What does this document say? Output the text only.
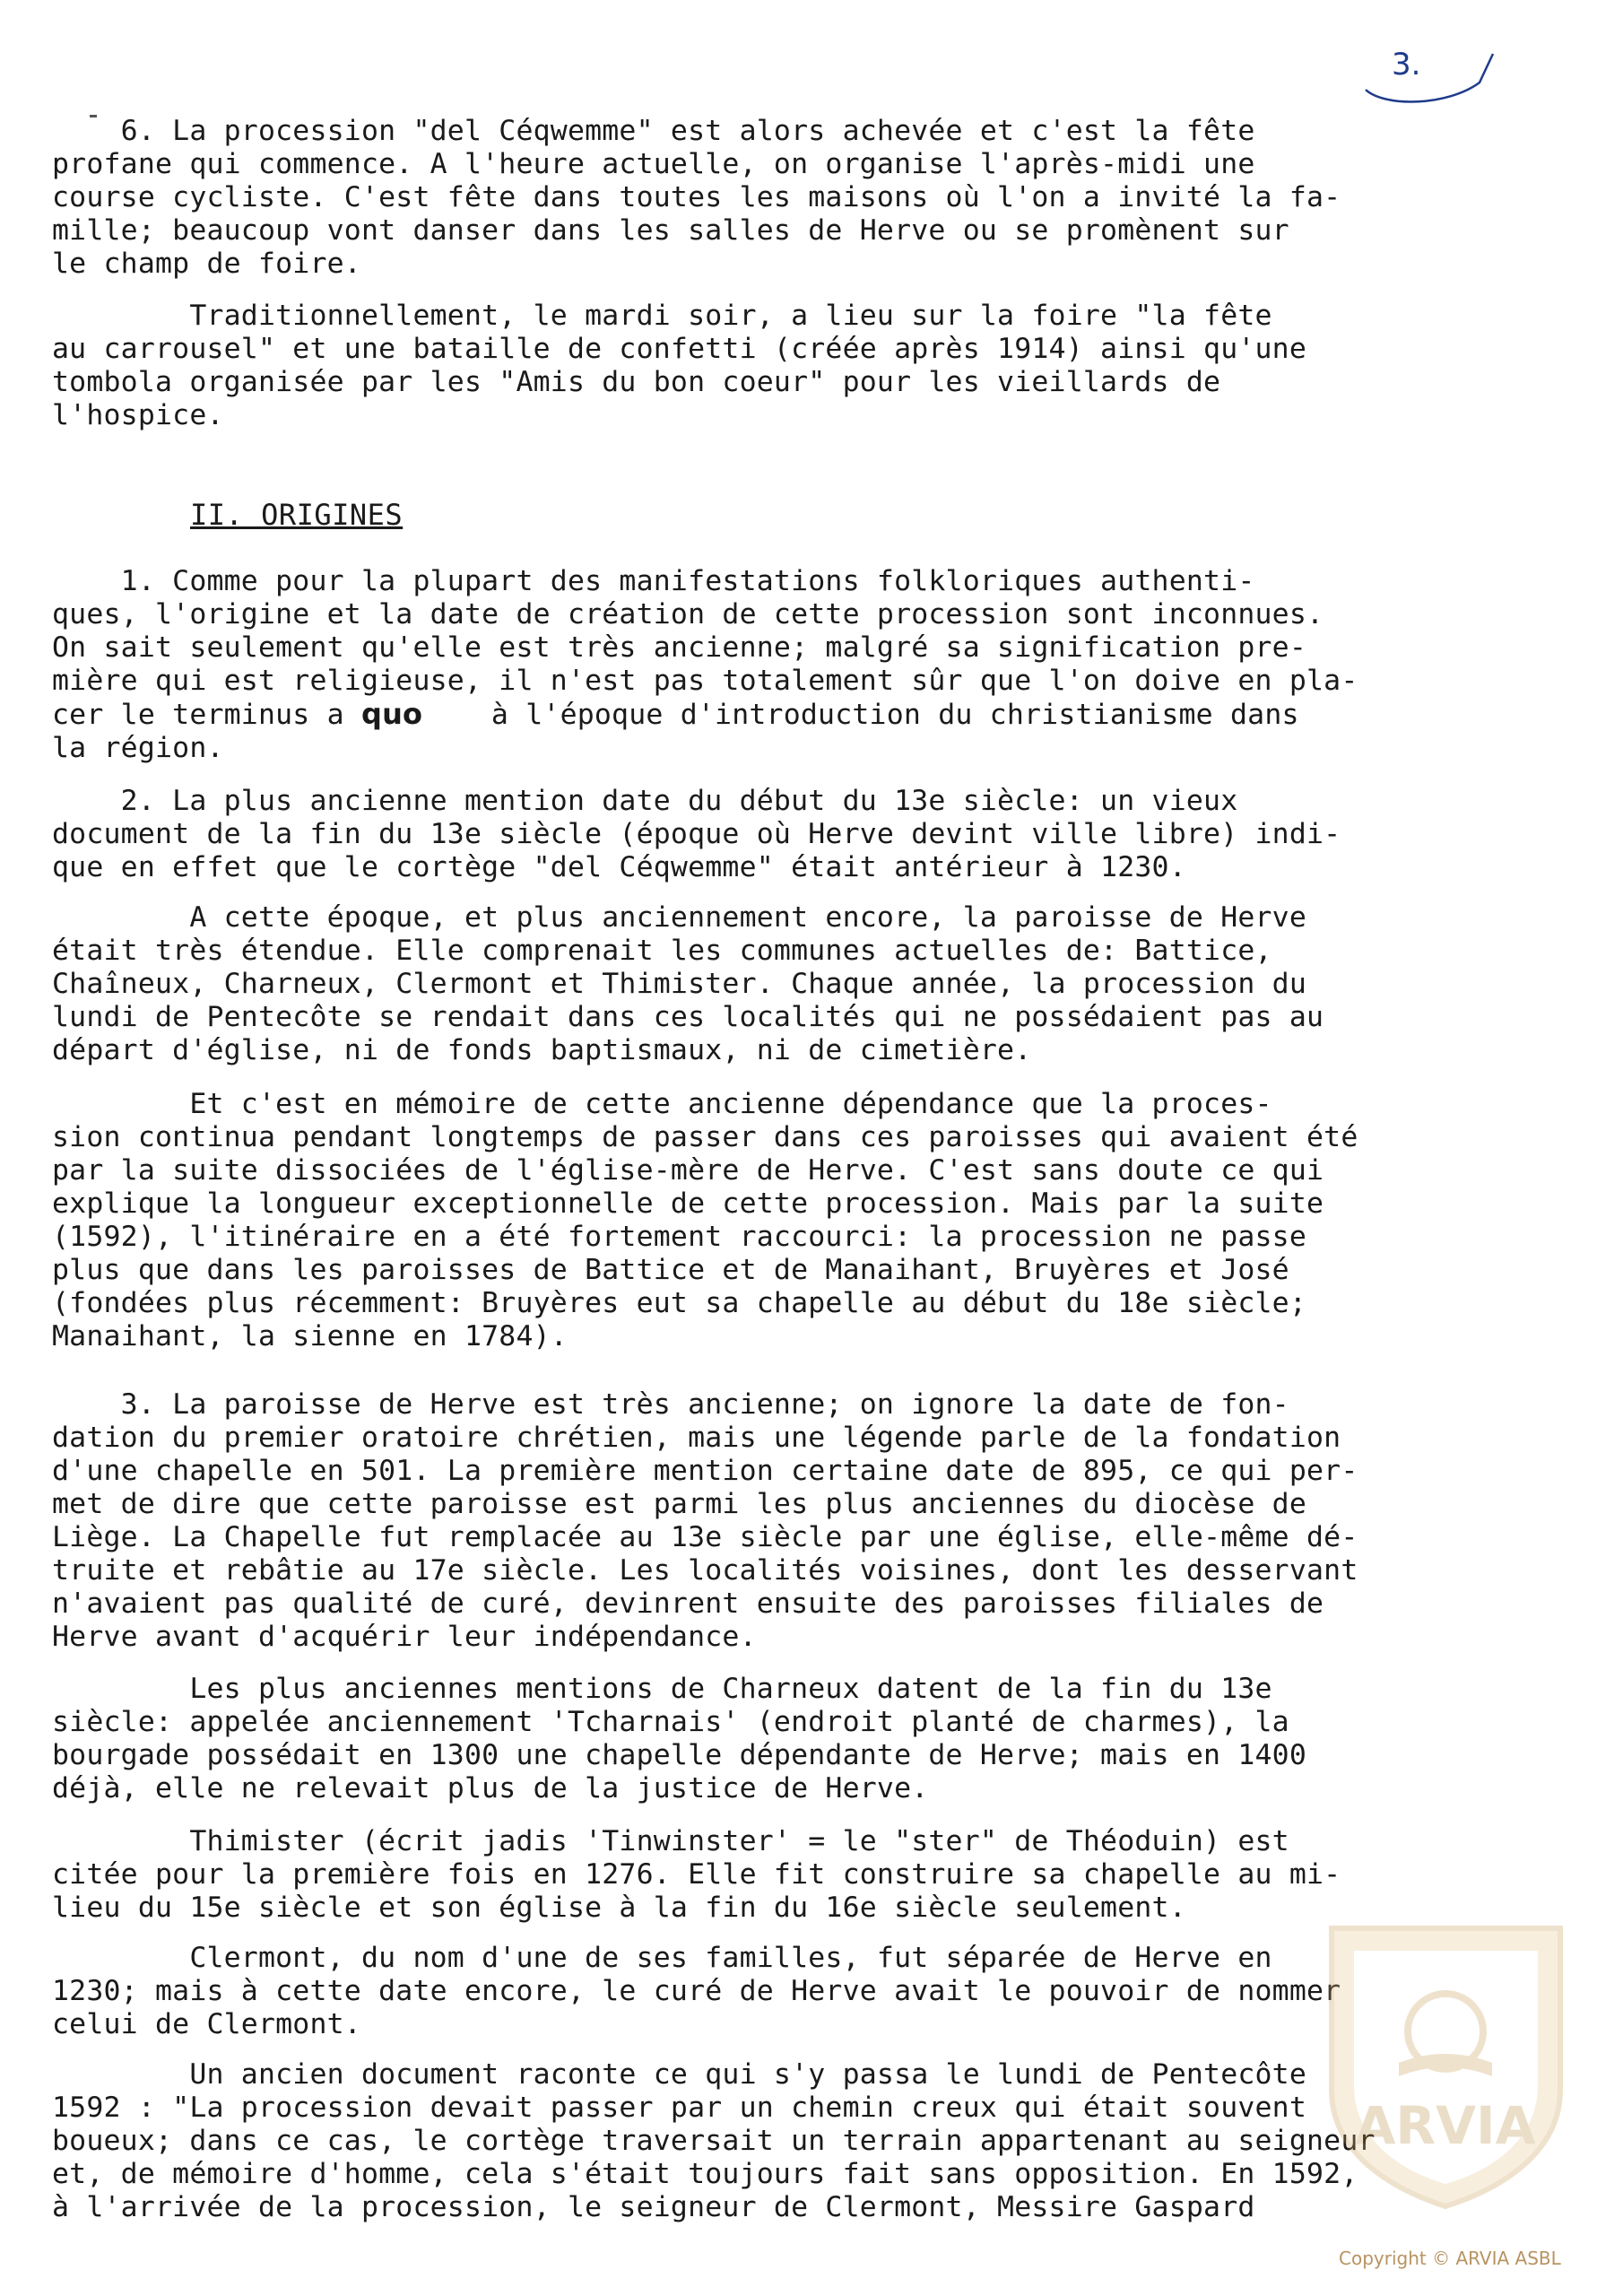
3.
6. La procession "del Céqwemme" est alors achevée et c'est la fête
profane qui commence. A l'heure actuelle, on organise l'après-midi une
course cycliste. C'est fête dans toutes les maisons où l'on a invité la fa-
mille; beaucoup vont danser dans les salles de Herve ou se promènent sur
le champ de foire.
Traditionnellement, le mardi soir, a lieu sur la foire "la fête
au carrousel" et une bataille de confetti (créée après 1914) ainsi qu'une
tombola organisée par les "Amis du bon coeur" pour les vieillards de
l'hospice.
II. ORIGINES
1. Comme pour la plupart des manifestations folkloriques authenti-
ques, l'origine et la date de création de cette procession sont inconnues.
On sait seulement qu'elle est très ancienne; malgré sa signification pre-
mière qui est religieuse, il n'est pas totalement sûr que l'on doive en pla-
cer le terminus a quo    à l'époque d'introduction du christianisme dans
la région.
2. La plus ancienne mention date du début du 13e siècle: un vieux
document de la fin du 13e siècle (époque où Herve devint ville libre) indi-
que en effet que le cortège "del Céqwemme" était antérieur à 1230.
A cette époque, et plus anciennement encore, la paroisse de Herve
était très étendue. Elle comprenait les communes actuelles de: Battice,
Chaîneux, Charneux, Clermont et Thimister. Chaque année, la procession du
lundi de Pentecôte se rendait dans ces localités qui ne possédaient pas au
départ d'église, ni de fonds baptismaux, ni de cimetière.
Et c'est en mémoire de cette ancienne dépendance que la proces-
sion continua pendant longtemps de passer dans ces paroisses qui avaient été
par la suite dissociées de l'église-mère de Herve. C'est sans doute ce qui
explique la longueur exceptionnelle de cette procession. Mais par la suite
(1592), l'itinéraire en a été fortement raccourci: la procession ne passe
plus que dans les paroisses de Battice et de Manaihant, Bruyères et José
(fondées plus récemment: Bruyères eut sa chapelle au début du 18e siècle;
Manaihant, la sienne en 1784).
3. La paroisse de Herve est très ancienne; on ignore la date de fon-
dation du premier oratoire chrétien, mais une légende parle de la fondation
d'une chapelle en 501. La première mention certaine date de 895, ce qui per-
met de dire que cette paroisse est parmi les plus anciennes du diocèse de
Liège. La Chapelle fut remplacée au 13e siècle par une église, elle-même dé-
truite et rebâtie au 17e siècle. Les localités voisines, dont les desservant
n'avaient pas qualité de curé, devinrent ensuite des paroisses filiales de
Herve avant d'acquérir leur indépendance.
Les plus anciennes mentions de Charneux datent de la fin du 13e
siècle: appelée anciennement 'Tcharnais' (endroit planté de charmes), la
bourgade possédait en 1300 une chapelle dépendante de Herve; mais en 1400
déjà, elle ne relevait plus de la justice de Herve.
Thimister (écrit jadis 'Tinwinster' = le "ster" de Théoduin) est
citée pour la première fois en 1276. Elle fit construire sa chapelle au mi-
lieu du 15e siècle et son église à la fin du 16e siècle seulement.
Clermont, du nom d'une de ses familles, fut séparée de Herve en
1230; mais à cette date encore, le curé de Herve avait le pouvoir de nommer
celui de Clermont.
Un ancien document raconte ce qui s'y passa le lundi de Pentecôte
1592 : "La procession devait passer par un chemin creux qui était souvent
boueux; dans ce cas, le cortège traversait un terrain appartenant au seigneur
et, de mémoire d'homme, cela s'était toujours fait sans opposition. En 1592,
à l'arrivée de la procession, le seigneur de Clermont, Messire Gaspard
ARVIA
Copyright © ARVIA ASBL
